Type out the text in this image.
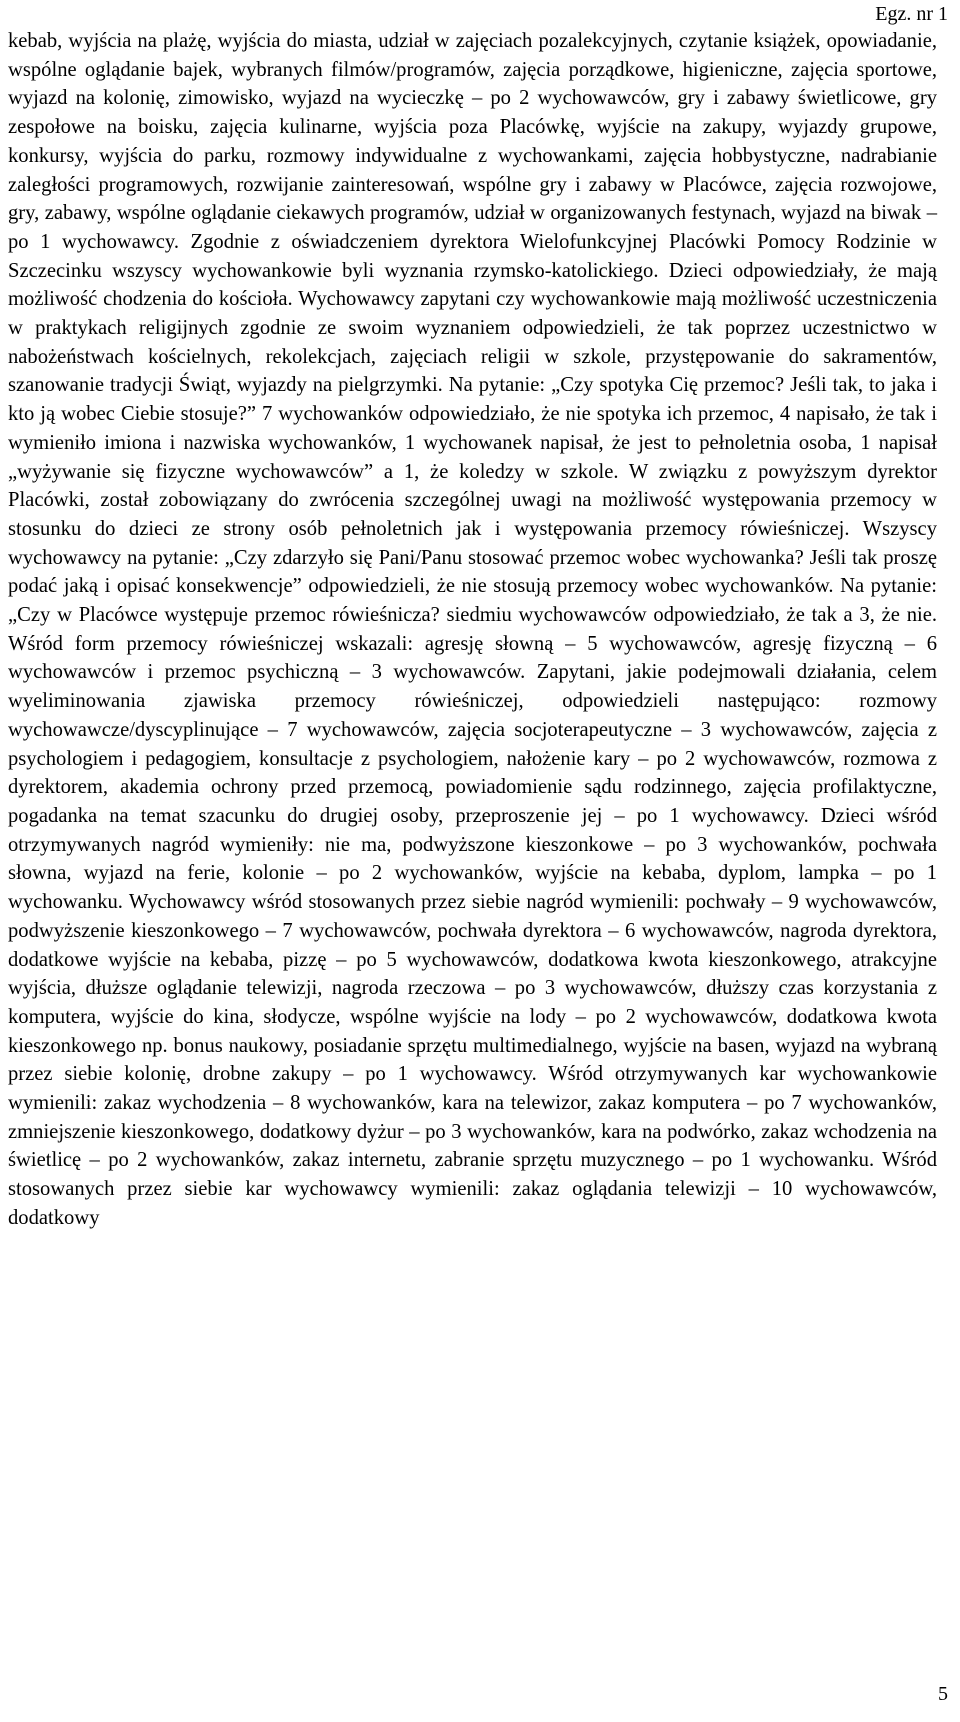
Egz. nr 1

kebab, wyjścia na plażę, wyjścia do miasta, udział w zajęciach pozalekcyjnych, czytanie książek, opowiadanie, wspólne oglądanie bajek, wybranych filmów/programów, zajęcia porządkowe, higieniczne, zajęcia sportowe, wyjazd na kolonię, zimowisko, wyjazd na wycieczkę – po 2 wychowawców, gry i zabawy świetlicowe, gry zespołowe na boisku, zajęcia kulinarne, wyjścia poza Placówkę, wyjście na zakupy, wyjazdy grupowe, konkursy, wyjścia do parku, rozmowy indywidualne z wychowankami, zajęcia hobbystyczne, nadrabianie zaległości programowych, rozwijanie zainteresowań, wspólne gry i zabawy w Placówce, zajęcia rozwojowe, gry, zabawy, wspólne oglądanie ciekawych programów, udział w organizowanych festynach, wyjazd na biwak – po 1 wychowawcy. Zgodnie z oświadczeniem dyrektora Wielofunkcyjnej Placówki Pomocy Rodzinie w Szczecinku wszyscy wychowankowie byli wyznania rzymsko-katolickiego. Dzieci odpowiedziały, że mają możliwość chodzenia do kościoła. Wychowawcy zapytani czy wychowankowie mają możliwość uczestniczenia w praktykach religijnych zgodnie ze swoim wyznaniem odpowiedzieli, że tak poprzez uczestnictwo w nabożeństwach kościelnych, rekolekcjach, zajęciach religii w szkole, przystępowanie do sakramentów, szanowanie tradycji Świąt, wyjazdy na pielgrzymki. Na pytanie: „Czy spotyka Cię przemoc? Jeśli tak, to jaka i kto ją wobec Ciebie stosuje?” 7 wychowanków odpowiedziało, że nie spotyka ich przemoc, 4 napisało, że tak i wymieniło imiona i nazwiska wychowanków, 1 wychowanek napisał, że jest to pełnoletnia osoba, 1 napisał „wyżywanie się fizyczne wychowawców” a 1, że koledzy w szkole. W związku z powyższym dyrektor Placówki, został zobowiązany do zwrócenia szczególnej uwagi na możliwość występowania przemocy w stosunku do dzieci ze strony osób pełnoletnich jak i występowania przemocy rówieśniczej. Wszyscy wychowawcy na pytanie: „Czy zdarzyło się Pani/Panu stosować przemoc wobec wychowanka? Jeśli tak proszę podać jaką i opisać konsekwencje” odpowiedzieli, że nie stosują przemocy wobec wychowanków. Na pytanie: „Czy w Placówce występuje przemoc rówieśnicza? siedmiu wychowawców odpowiedziało, że tak a 3, że nie. Wśród form przemocy rówieśniczej wskazali: agresję słowną – 5 wychowawców, agresję fizyczną – 6 wychowawców i przemoc psychiczną – 3 wychowawców. Zapytani, jakie podejmowali działania, celem wyeliminowania zjawiska przemocy rówieśniczej, odpowiedzieli następująco: rozmowy wychowawcze/dyscyplinujące – 7 wychowawców, zajęcia socjoterapeutyczne – 3 wychowawców, zajęcia z psychologiem i pedagogiem, konsultacje z psychologiem, nałożenie kary – po 2 wychowawców, rozmowa z dyrektorem, akademia ochrony przed przemocą, powiadomienie sądu rodzinnego, zajęcia profilaktyczne, pogadanka na temat szacunku do drugiej osoby, przeproszenie jej – po 1 wychowawcy. Dzieci wśród otrzymywanych nagród wymieniły: nie ma, podwyższone kieszonkowe – po 3 wychowanków, pochwała słowna, wyjazd na ferie, kolonie – po 2 wychowanków, wyjście na kebaba, dyplom, lampka – po 1 wychowanku. Wychowawcy wśród stosowanych przez siebie nagród wymienili: pochwały – 9 wychowawców, podwyższenie kieszonkowego – 7 wychowawców, pochwała dyrektora – 6 wychowawców, nagroda dyrektora, dodatkowe wyjście na kebaba, pizzę – po 5 wychowawców, dodatkowa kwota kieszonkowego, atrakcyjne wyjścia, dłuższe oglądanie telewizji, nagroda rzeczowa – po 3 wychowawców, dłuższy czas korzystania z komputera, wyjście do kina, słodycze, wspólne wyjście na lody – po 2 wychowawców, dodatkowa kwota kieszonkowego np. bonus naukowy, posiadanie sprzętu multimedialnego, wyjście na basen, wyjazd na wybraną przez siebie kolonię, drobne zakupy – po 1 wychowawcy. Wśród otrzymywanych kar wychowankowie wymienili: zakaz wychodzenia – 8 wychowanków, kara na telewizor, zakaz komputera – po 7 wychowanków, zmniejszenie kieszonkowego, dodatkowy dyżur – po 3 wychowanków, kara na podwórko, zakaz wchodzenia na świetlicę – po 2 wychowanków, zakaz internetu, zabranie sprzętu muzycznego – po 1 wychowanku. Wśród stosowanych przez siebie kar wychowawcy wymienili: zakaz oglądania telewizji – 10 wychowawców, dodatkowy

5
